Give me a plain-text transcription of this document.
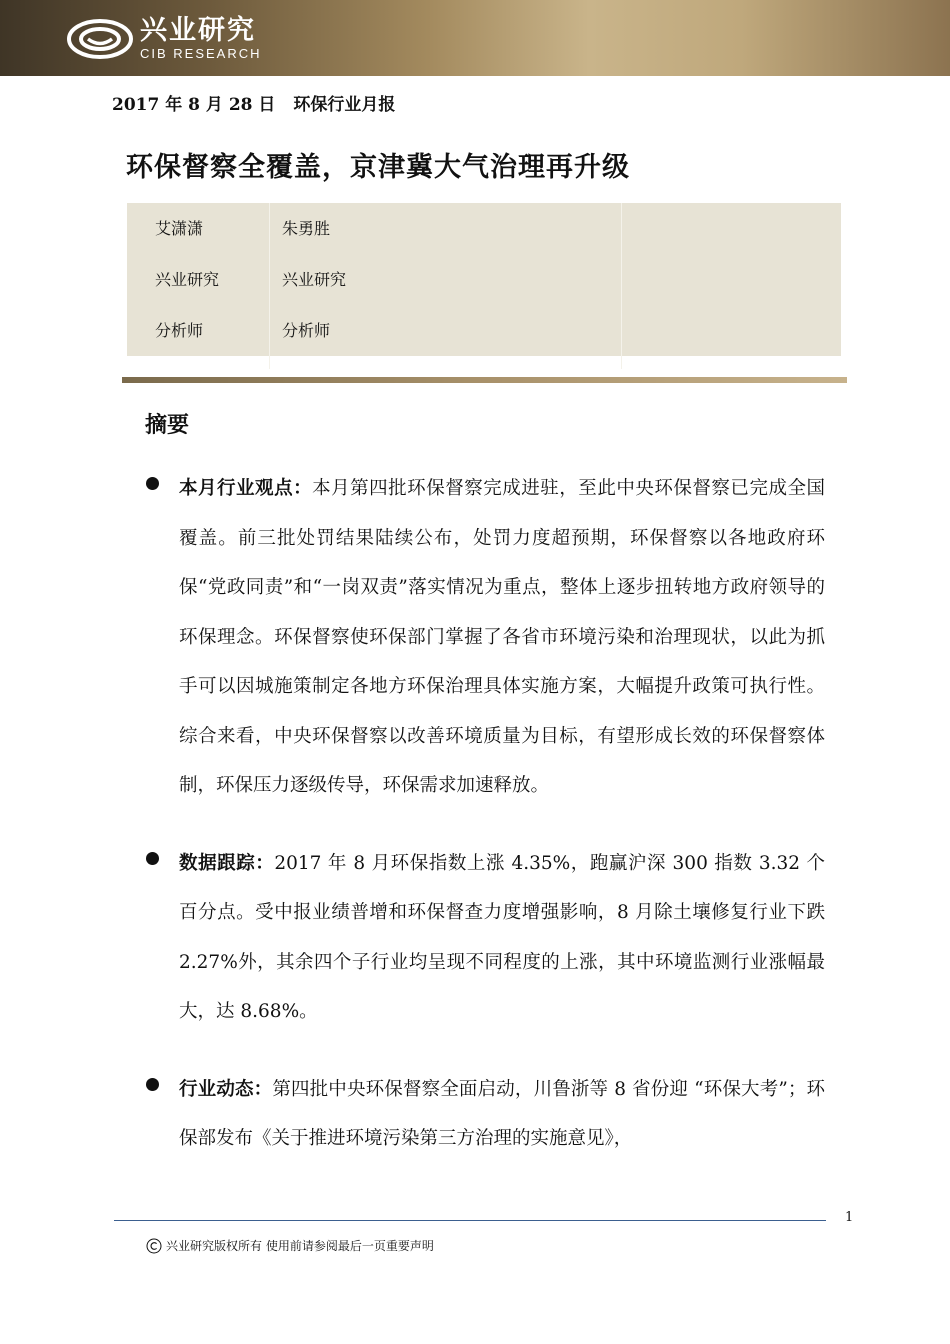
兴业研究
CIB RESEARCH
2017 年 8 月 28 日 环保行业月报
环保督察全覆盖，京津冀大气治理再升级
艾潇潇
兴业研究
分析师
朱勇胜
兴业研究
分析师
摘要

本月行业观点：本月第四批环保督察完成进驻，至此中央环保督察已完成全国覆盖。前三批处罚结果陆续公布，处罚力度超预期，环保督察以各地政府环保“党政同责”和“一岗双责”落实情况为重点，整体上逐步扭转地方政府领导的环保理念。环保督察使环保部门掌握了各省市环境污染和治理现状，以此为抓手可以因城施策制定各地方环保治理具体实施方案，大幅提升政策可执行性。综合来看，中央环保督察以改善环境质量为目标，有望形成长效的环保督察体制，环保压力逐级传导，环保需求加速释放。

数据跟踪：2017 年 8 月环保指数上涨 4.35%，跑赢沪深 300 指数 3.32 个百分点。受中报业绩普增和环保督查力度增强影响，8 月除土壤修复行业下跌 2.27%外，其余四个子行业均呈现不同程度的上涨，其中环境监测行业涨幅最大，达 8.68%。

行业动态：第四批中央环保督察全面启动，川鲁浙等 8 省份迎 “环保大考”；环保部发布《关于推进环境污染第三方治理的实施意见》，

1
兴业研究版权所有 使用前请参阅最后一页重要声明
